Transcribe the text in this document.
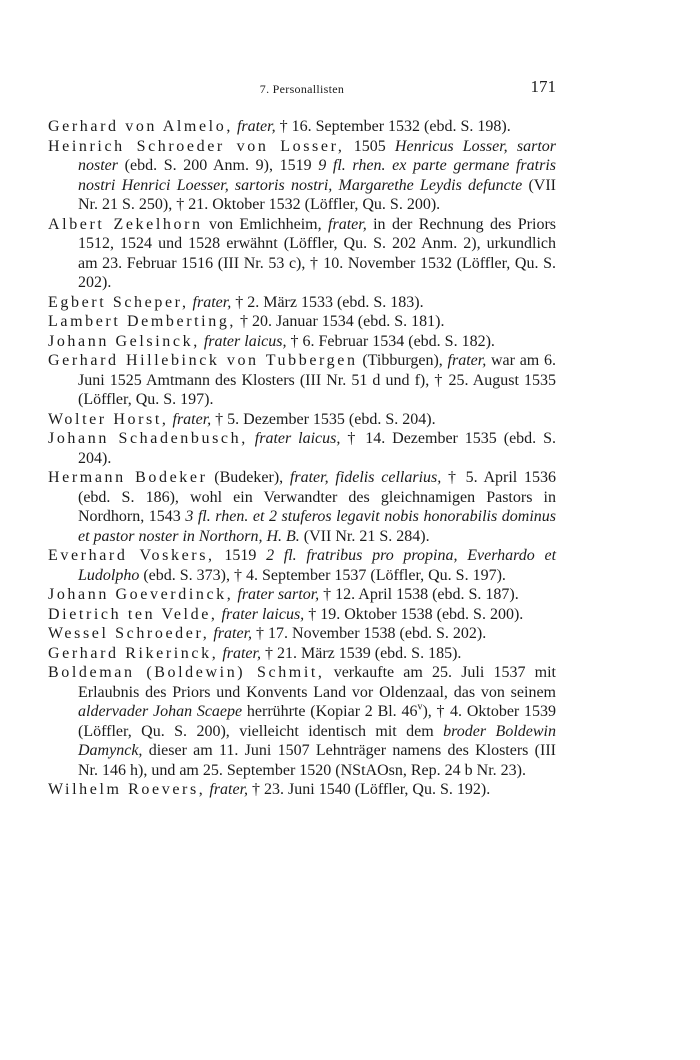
7. Personallisten	171

Gerhard von Almelo, frater, † 16. September 1532 (ebd. S. 198).

Heinrich Schroeder von Losser, 1505 Henricus Losser, sartor noster (ebd. S. 200 Anm. 9), 1519 9 fl. rhen. ex parte germane fratris nostri Henrici Loesser, sartoris nostri, Margarethe Leydis defuncte (VII Nr. 21 S. 250), † 21. Oktober 1532 (Löffler, Qu. S. 200).

Albert Zekelhorn von Emlichheim, frater, in der Rechnung des Priors 1512, 1524 und 1528 erwähnt (Löffler, Qu. S. 202 Anm. 2), urkundlich am 23. Februar 1516 (III Nr. 53 c), † 10. November 1532 (Löffler, Qu. S. 202).

Egbert Scheper, frater, † 2. März 1533 (ebd. S. 183).

Lambert Demberting, † 20. Januar 1534 (ebd. S. 181).

Johann Gelsinck, frater laicus, † 6. Februar 1534 (ebd. S. 182).

Gerhard Hillebinck von Tubbergen (Tibburgen), frater, war am 6. Juni 1525 Amtmann des Klosters (III Nr. 51 d und f), † 25. August 1535 (Löffler, Qu. S. 197).

Wolter Horst, frater, † 5. Dezember 1535 (ebd. S. 204).

Johann Schadenbusch, frater laicus, † 14. Dezember 1535 (ebd. S. 204).

Hermann Bodeker (Budeker), frater, fidelis cellarius, † 5. April 1536 (ebd. S. 186), wohl ein Verwandter des gleichnamigen Pastors in Nordhorn, 1543 3 fl. rhen. et 2 stuferos legavit nobis honorabilis dominus et pastor noster in Northorn, H. B. (VII Nr. 21 S. 284).

Everhard Voskers, 1519 2 fl. fratribus pro propina, Everhardo et Ludolpho (ebd. S. 373), † 4. September 1537 (Löffler, Qu. S. 197).

Johann Goeverdinck, frater sartor, † 12. April 1538 (ebd. S. 187).

Dietrich ten Velde, frater laicus, † 19. Oktober 1538 (ebd. S. 200).

Wessel Schroeder, frater, † 17. November 1538 (ebd. S. 202).

Gerhard Rikerinck, frater, † 21. März 1539 (ebd. S. 185).

Boldeman (Boldewin) Schmit, verkaufte am 25. Juli 1537 mit Erlaubnis des Priors und Konvents Land vor Oldenzaal, das von seinem aldervader Johan Scaepe herrührte (Kopiar 2 Bl. 46$^v$), † 4. Oktober 1539 (Löffler, Qu. S. 200), vielleicht identisch mit dem broder Boldewin Damynck, dieser am 11. Juni 1507 Lehnträger namens des Klosters (III Nr. 146 h), und am 25. September 1520 (NStAOsn, Rep. 24 b Nr. 23).

Wilhelm Roevers, frater, † 23. Juni 1540 (Löffler, Qu. S. 192).
